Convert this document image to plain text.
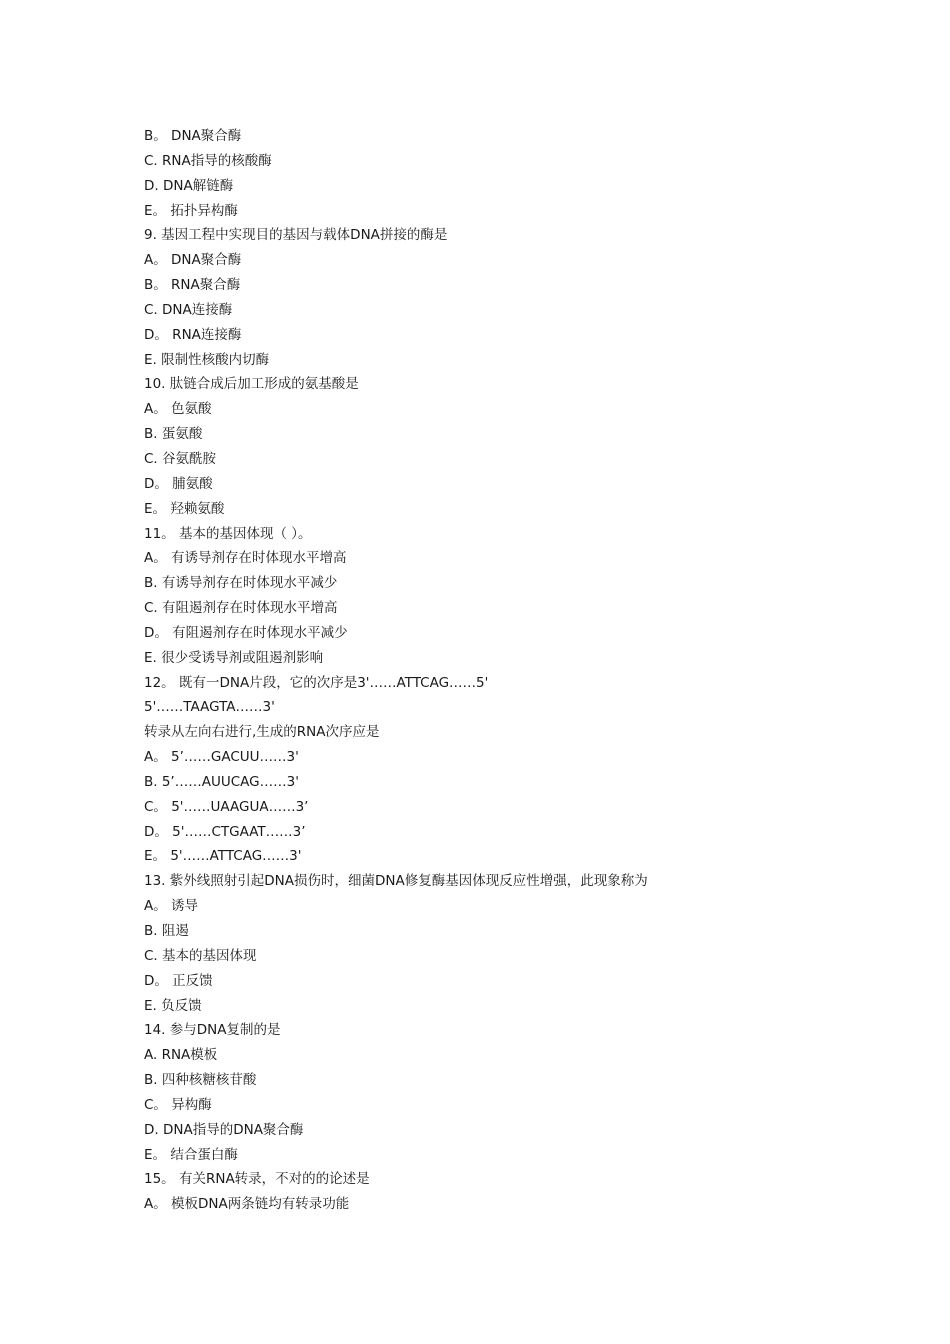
B。 DNA聚合酶
C. RNA指导的核酸酶
D. DNA解链酶
E。 拓扑异构酶
9. 基因工程中实现目的基因与载体DNA拼接的酶是
A。 DNA聚合酶
B。 RNA聚合酶
C. DNA连接酶
D。 RNA连接酶
E. 限制性核酸内切酶
10. 肽链合成后加工形成的氨基酸是
A。 色氨酸
B. 蛋氨酸
C. 谷氨酰胺
D。 脯氨酸
E。 羟赖氨酸
11。 基本的基因体现（ ）。
A。 有诱导剂存在时体现水平增高
B. 有诱导剂存在时体现水平减少
C. 有阻遏剂存在时体现水平增高
D。 有阻遏剂存在时体现水平减少
E. 很少受诱导剂或阻遏剂影响
12。 既有一DNA片段，它的次序是3'……ATTCAG……5'
5'……TAAGTA……3'
转录从左向右进行,生成的RNA次序应是
A。 5’……GACUU……3'
B. 5’……AUUCAG……3'
C。 5'……UAAGUA……3’
D。 5'……CTGAAT……3’
E。 5'……ATTCAG……3'
13. 紫外线照射引起DNA损伤时，细菌DNA修复酶基因体现反应性增强，此现象称为
A。 诱导
B. 阻遏
C. 基本的基因体现
D。 正反馈
E. 负反馈
14. 参与DNA复制的是
A. RNA模板
B. 四种核糖核苷酸
C。 异构酶
D. DNA指导的DNA聚合酶
E。 结合蛋白酶
15。 有关RNA转录，不对的的论述是
A。 模板DNA两条链均有转录功能
